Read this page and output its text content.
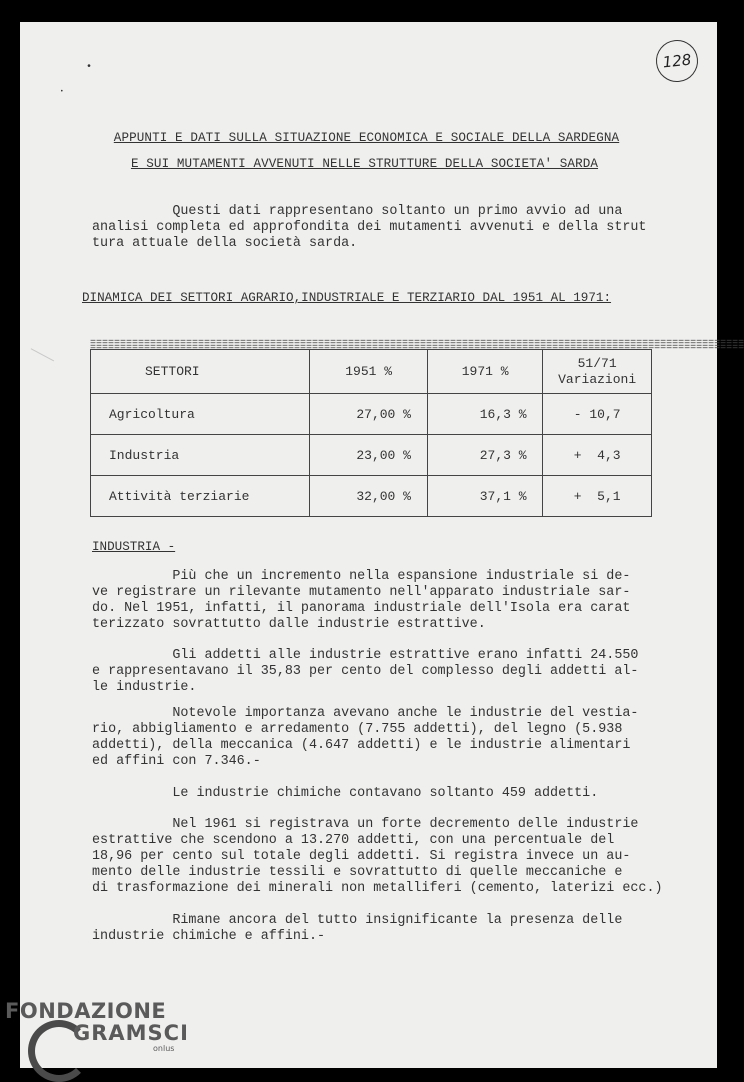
•
•
128
APPUNTI E DATI SULLA SITUAZIONE ECONOMICA E SOCIALE DELLA SARDEGNA
E SUI MUTAMENTI AVVENUTI NELLE STRUTTURE DELLA SOCIETA' SARDA
Questi dati rappresentano soltanto un primo avvio ad una
analisi completa ed approfondita dei mutamenti avvenuti e della strut
tura attuale della società sarda.
DINAMICA DEI SETTORI AGRARIO,INDUSTRIALE E TERZIARIO DAL 1951 AL 1971:
=============================================================================================================
=============================================================================================================
SETTORI	1951 %	1971 %	51/71
Variazioni

Agricoltura	27,00 %	16,3 %	- 10,7
Industria	23,00 %	27,3 %	+  4,3
Attività terziarie	32,00 %	37,1 %	+  5,1
INDUSTRIA -
Più che un incremento nella espansione industriale si de-
ve registrare un rilevante mutamento nell'apparato industriale sar-
do. Nel 1951, infatti, il panorama industriale dell'Isola era carat
terizzato sovrattutto dalle industrie estrattive.
Gli addetti alle industrie estrattive erano infatti 24.550
e rappresentavano il 35,83 per cento del complesso degli addetti al-
le industrie.
Notevole importanza avevano anche le industrie del vestia-
rio, abbigliamento e arredamento (7.755 addetti), del legno (5.938
addetti), della meccanica (4.647 addetti) e le industrie alimentari
ed affini con 7.346.-
Le industrie chimiche contavano soltanto 459 addetti.
Nel 1961 si registrava un forte decremento delle industrie
estrattive che scendono a 13.270 addetti, con una percentuale del
18,96 per cento sul totale degli addetti. Si registra invece un au-
mento delle industrie tessili e sovrattutto di quelle meccaniche e
di trasformazione dei minerali non metalliferi (cemento, laterizi ecc.)
Rimane ancora del tutto insignificante la presenza delle
industrie chimiche e affini.-
FONDAZIONE
GRAMSCI
onlus
